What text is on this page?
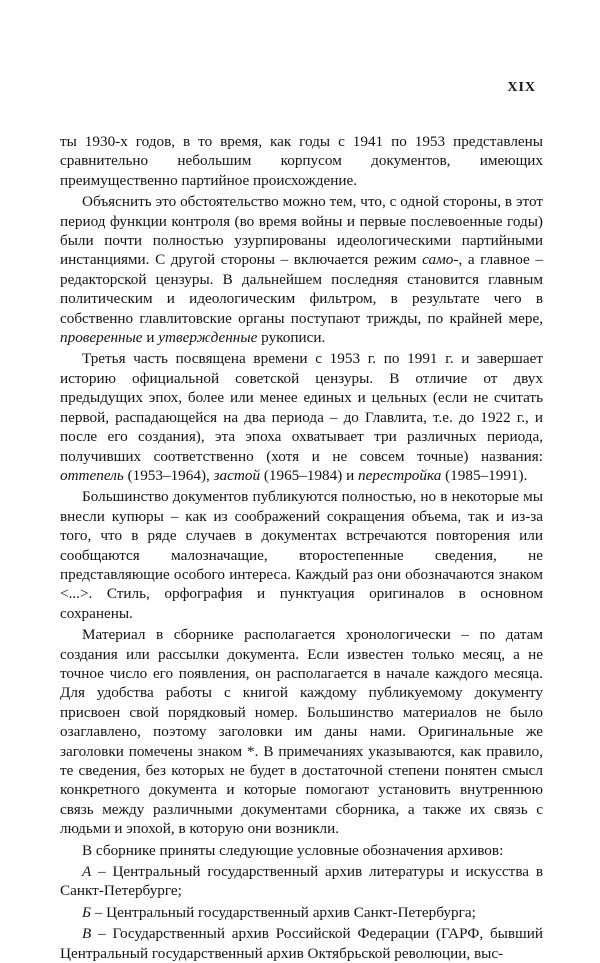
XIX

ты 1930-х годов, в то время, как годы с 1941 по 1953 представлены сравнительно небольшим корпусом документов, имеющих преимущественно партийное происхождение.

Объяснить это обстоятельство можно тем, что, с одной стороны, в этот период функции контроля (во время войны и первые послевоенные годы) были почти полностью узурпированы идеологическими партийными инстанциями. С другой стороны – включается режим само-, а главное – редакторской цензуры. В дальнейшем последняя становится главным политическим и идеологическим фильтром, в результате чего в собственно главлитовские органы поступают трижды, по крайней мере, проверенные и утвержденные рукописи.

Третья часть посвящена времени с 1953 г. по 1991 г. и завершает историю официальной советской цензуры. В отличие от двух предыдущих эпох, более или менее единых и цельных (если не считать первой, распадающейся на два периода – до Главлита, т.е. до 1922 г., и после его создания), эта эпоха охватывает три различных периода, получивших соответственно (хотя и не совсем точные) названия: оттепель (1953–1964), застой (1965–1984) и перестройка (1985–1991).

Большинство документов публикуются полностью, но в некоторые мы внесли купюры – как из соображений сокращения объема, так и из-за того, что в ряде случаев в документах встречаются повторения или сообщаются малозначащие, второстепенные сведения, не представляющие особого интереса. Каждый раз они обозначаются знаком <...>. Стиль, орфография и пунктуация оригиналов в основном сохранены.

Материал в сборнике располагается хронологически – по датам создания или рассылки документа. Если известен только месяц, а не точное число его появления, он располагается в начале каждого месяца. Для удобства работы с книгой каждому публикуемому документу присвоен свой порядковый номер. Большинство материалов не было озаглавлено, поэтому заголовки им даны нами. Оригинальные же заголовки помечены знаком *. В примечаниях указываются, как правило, те сведения, без которых не будет в достаточной степени понятен смысл конкретного документа и которые помогают установить внутреннюю связь между различными документами сборника, а также их связь с людьми и эпохой, в которую они возникли.

В сборнике приняты следующие условные обозначения архивов:

А – Центральный государственный архив литературы и искусства в Санкт-Петербурге;

Б – Центральный государственный архив Санкт-Петербурга;

В – Государственный архив Российской Федерации (ГАРФ, бывший Центральный государственный архив Октябрьской революции, выс-
